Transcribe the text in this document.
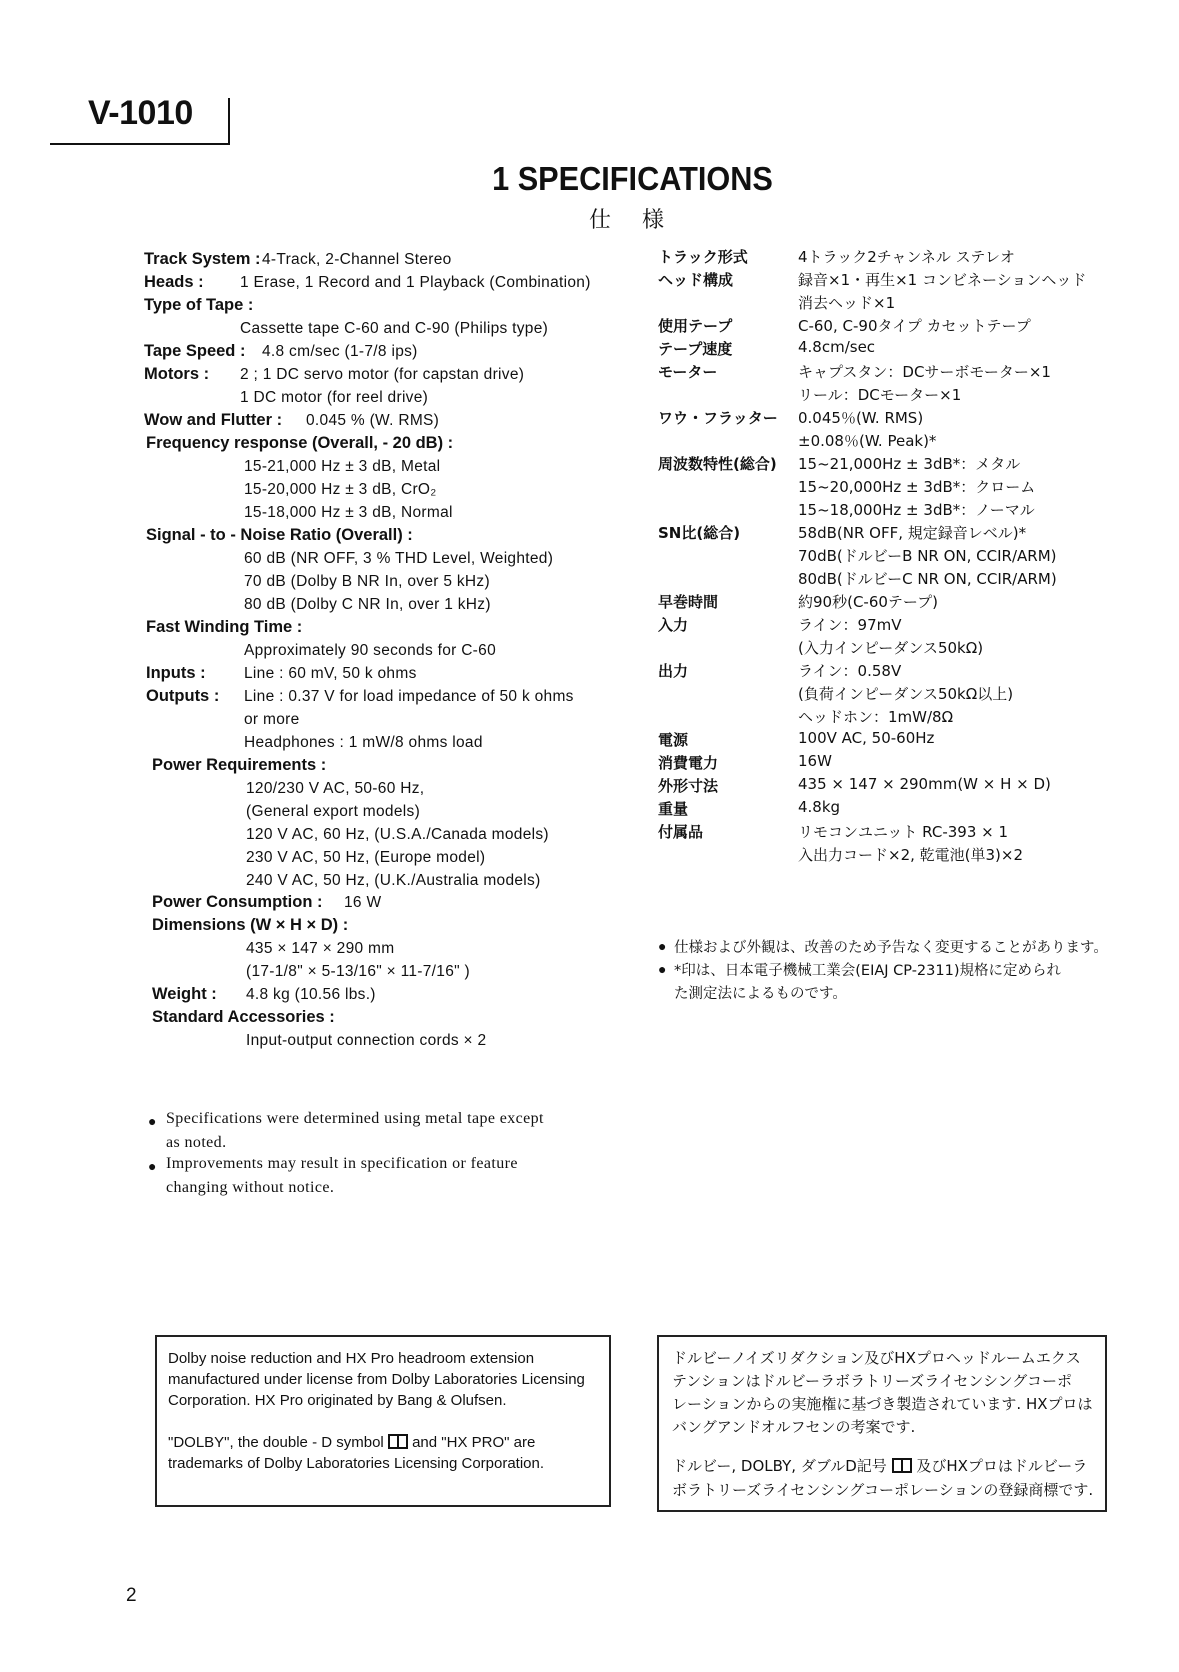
V-1010
1 SPECIFICATIONS
仕 様
Track System : 4-Track, 2-Channel Stereo
Heads : 1 Erase, 1 Record and 1 Playback (Combination)
Type of Tape :
Cassette tape C-60 and C-90 (Philips type)
Tape Speed : 4.8 cm/sec (1-7/8 ips)
Motors : 2 ; 1 DC servo motor (for capstan drive)
1 DC motor (for reel drive)
Wow and Flutter : 0.045 % (W. RMS)
Frequency response (Overall, - 20 dB) :
15-21,000 Hz ± 3 dB, Metal
15-20,000 Hz ± 3 dB, CrO₂
15-18,000 Hz ± 3 dB, Normal
Signal - to - Noise Ratio (Overall) :
60 dB (NR OFF, 3 % THD Level, Weighted)
70 dB (Dolby B NR In, over 5 kHz)
80 dB (Dolby C NR In, over 1 kHz)
Fast Winding Time :
Approximately 90 seconds for C-60
Inputs : Line : 60 mV, 50 k ohms
Outputs : Line : 0.37 V for load impedance of 50 k ohms
or more
Headphones : 1 mW/8 ohms load
Power Requirements :
120/230 V AC, 50-60 Hz,
(General export models)
120 V AC, 60 Hz, (U.S.A./Canada models)
230 V AC, 50 Hz, (Europe model)
240 V AC, 50 Hz, (U.K./Australia models)
Power Consumption : 16 W
Dimensions (W × H × D) :
435 × 147 × 290 mm
(17-1/8" × 5-13/16" × 11-7/16" )
Weight : 4.8 kg (10.56 lbs.)
Standard Accessories :
Input-output connection cords × 2
トラック形式	4トラック2チャンネル ステレオ
ヘッド構成	録音×1・再生×1 コンビネーションヘッド
消去ヘッド×1
使用テープ	C-60, C-90タイプ カセットテープ
テープ速度	4.8cm/sec
モーター	キャプスタン：DCサーボモーター×1
リール：DCモーター×1
ワウ・フラッター 0.045％(W. RMS)
±0.08％(W. Peak)*
周波数特性(総合) 15~21,000Hz ± 3dB*：メタル
15~20,000Hz ± 3dB*：クローム
15~18,000Hz ± 3dB*：ノーマル
SN比(総合)	58dB(NR OFF, 規定録音レベル)*
70dB(ドルビーB NR ON, CCIR/ARM)
80dB(ドルビーC NR ON, CCIR/ARM)
早巻時間	約90秒(C-60テープ)
入力	ライン：97mV
(入力インピーダンス50kΩ)
出力	ライン：0.58V
(負荷インピーダンス50kΩ以上)
ヘッドホン：1mW/8Ω
電源	100V AC, 50-60Hz
消費電力	16W
外形寸法	435 × 147 × 290mm(W × H × D)
重量	4.8kg
付属品	リモコンユニット RC-393 × 1
入出力コード×2, 乾電池(単3)×2
● Specifications were determined using metal tape except
as noted.
● Improvements may result in specification or feature
changing without notice.
● 仕様および外観は、改善のため予告なく変更することがあります。
● *印は、日本電子機械工業会(EIAJ CP-2311)規格に定められ
た測定法によるものです。
Dolby noise reduction and HX Pro headroom extension
manufactured under license from Dolby Laboratories Licensing
Corporation. HX Pro originated by Bang & Olufsen.
"DOLBY", the double - D symbol and "HX PRO" are
trademarks of Dolby Laboratories Licensing Corporation.
ドルビーノイズリダクション及びHXプロヘッドルームエクス
テンションはドルビーラボラトリーズライセンシングコーポ
レーションからの実施権に基づき製造されています. HXプロは
バングアンドオルフセンの考案です.
ドルビー, DOLBY, ダブルD記号 及びHXプロはドルビーラ
ボラトリーズライセンシングコーポレーションの登録商標です.
2
